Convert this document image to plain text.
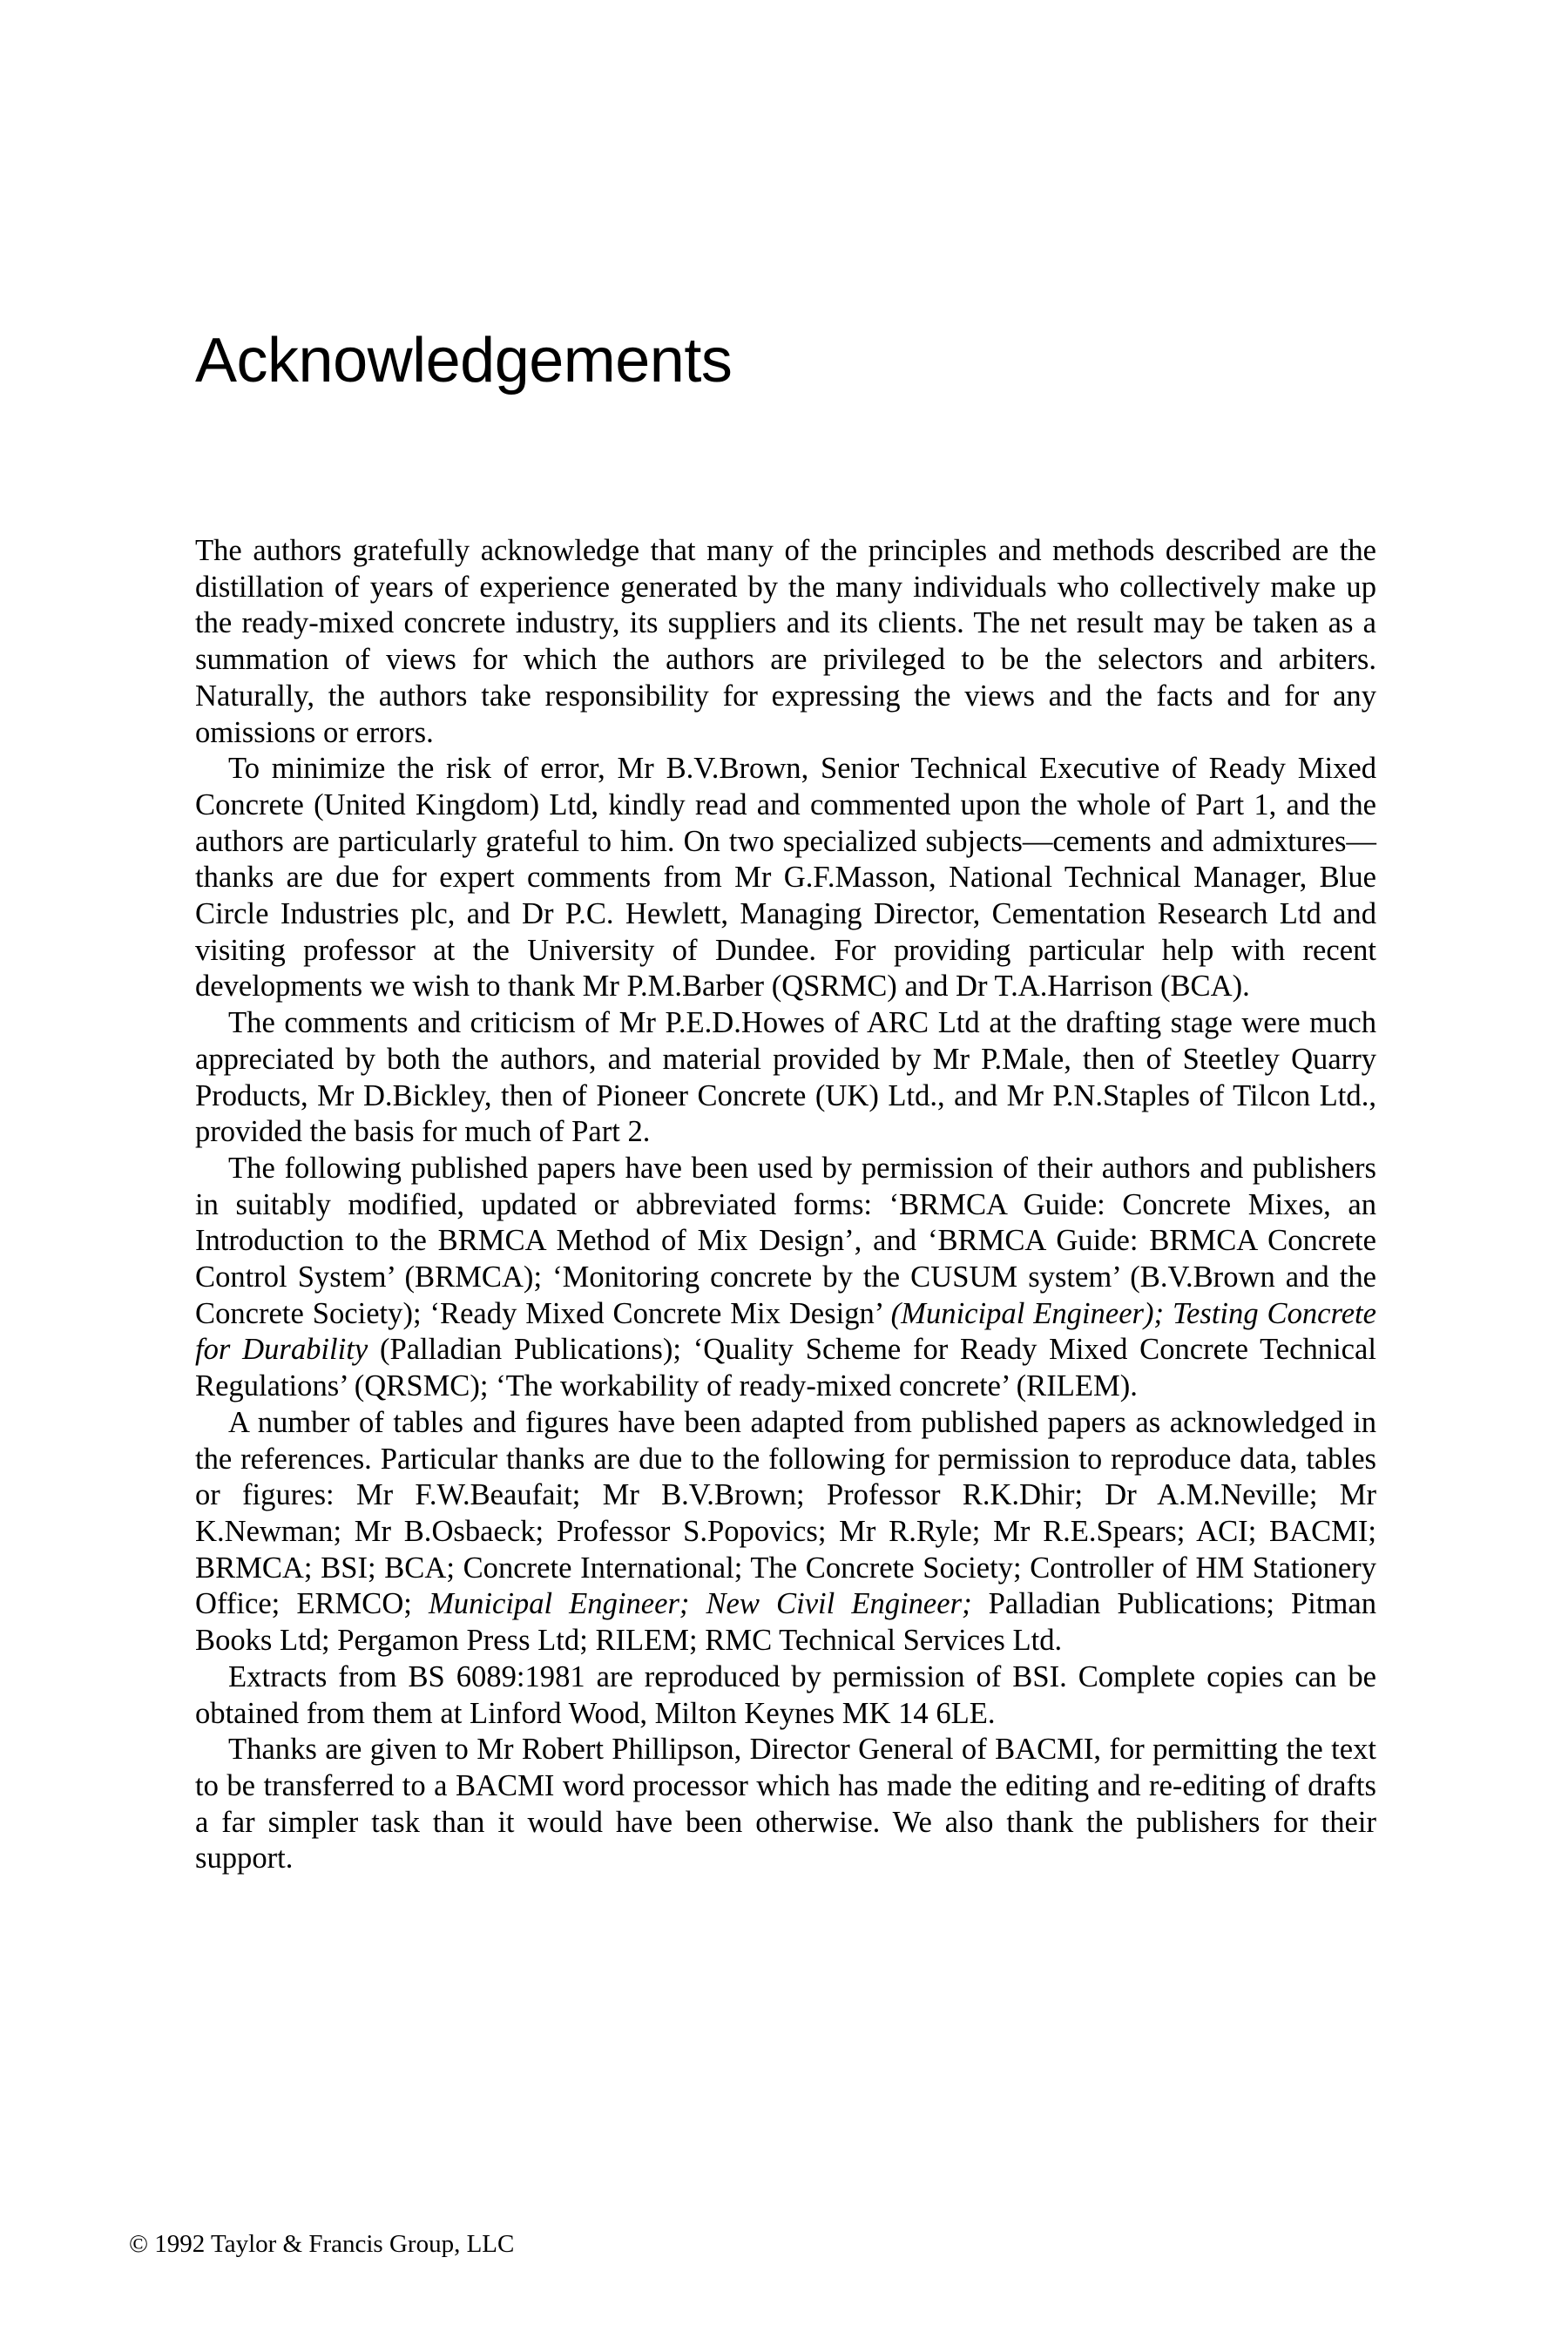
Acknowledgements

The authors gratefully acknowledge that many of the principles and methods described are the distillation of years of experience generated by the many individuals who collectively make up the ready-mixed concrete industry, its suppliers and its clients. The net result may be taken as a summation of views for which the authors are privileged to be the selectors and arbiters. Naturally, the authors take responsibility for expressing the views and the facts and for any omissions or errors.

To minimize the risk of error, Mr B.V.Brown, Senior Technical Executive of Ready Mixed Concrete (United Kingdom) Ltd, kindly read and commented upon the whole of Part 1, and the authors are particularly grateful to him. On two specialized subjects—cements and admixtures—thanks are due for expert comments from Mr G.F.Masson, National Technical Manager, Blue Circle Industries plc, and Dr P.C. Hewlett, Managing Director, Cementation Research Ltd and visiting professor at the University of Dundee. For providing particular help with recent developments we wish to thank Mr P.M.Barber (QSRMC) and Dr T.A.Harrison (BCA).

The comments and criticism of Mr P.E.D.Howes of ARC Ltd at the drafting stage were much appreciated by both the authors, and material provided by Mr P.Male, then of Steetley Quarry Products, Mr D.Bickley, then of Pioneer Concrete (UK) Ltd., and Mr P.N.Staples of Tilcon Ltd., provided the basis for much of Part 2.

The following published papers have been used by permission of their authors and publishers in suitably modified, updated or abbreviated forms: ‘BRMCA Guide: Concrete Mixes, an Introduction to the BRMCA Method of Mix Design’, and ‘BRMCA Guide: BRMCA Concrete Control System’ (BRMCA); ‘Monitoring concrete by the CUSUM system’ (B.V.Brown and the Concrete Society); ‘Ready Mixed Concrete Mix Design’ (Municipal Engineer); Testing Concrete for Durability (Palladian Publications); ‘Quality Scheme for Ready Mixed Concrete Technical Regulations’ (QRSMC); ‘The workability of ready-mixed concrete’ (RILEM).

A number of tables and figures have been adapted from published papers as acknowledged in the references. Particular thanks are due to the following for permission to reproduce data, tables or figures: Mr F.W.Beaufait; Mr B.V.Brown; Professor R.K.Dhir; Dr A.M.Neville; Mr K.Newman; Mr B.Osbaeck; Professor S.Popovics; Mr R.Ryle; Mr R.E.Spears; ACI; BACMI; BRMCA; BSI; BCA; Concrete International; The Concrete Society; Controller of HM Stationery Office; ERMCO; Municipal Engineer; New Civil Engineer; Palladian Publications; Pitman Books Ltd; Pergamon Press Ltd; RILEM; RMC Technical Services Ltd.

Extracts from BS 6089:1981 are reproduced by permission of BSI. Complete copies can be obtained from them at Linford Wood, Milton Keynes MK 14 6LE.

Thanks are given to Mr Robert Phillipson, Director General of BACMI, for permitting the text to be transferred to a BACMI word processor which has made the editing and re-editing of drafts a far simpler task than it would have been otherwise. We also thank the publishers for their support.

© 1992 Taylor & Francis Group, LLC
